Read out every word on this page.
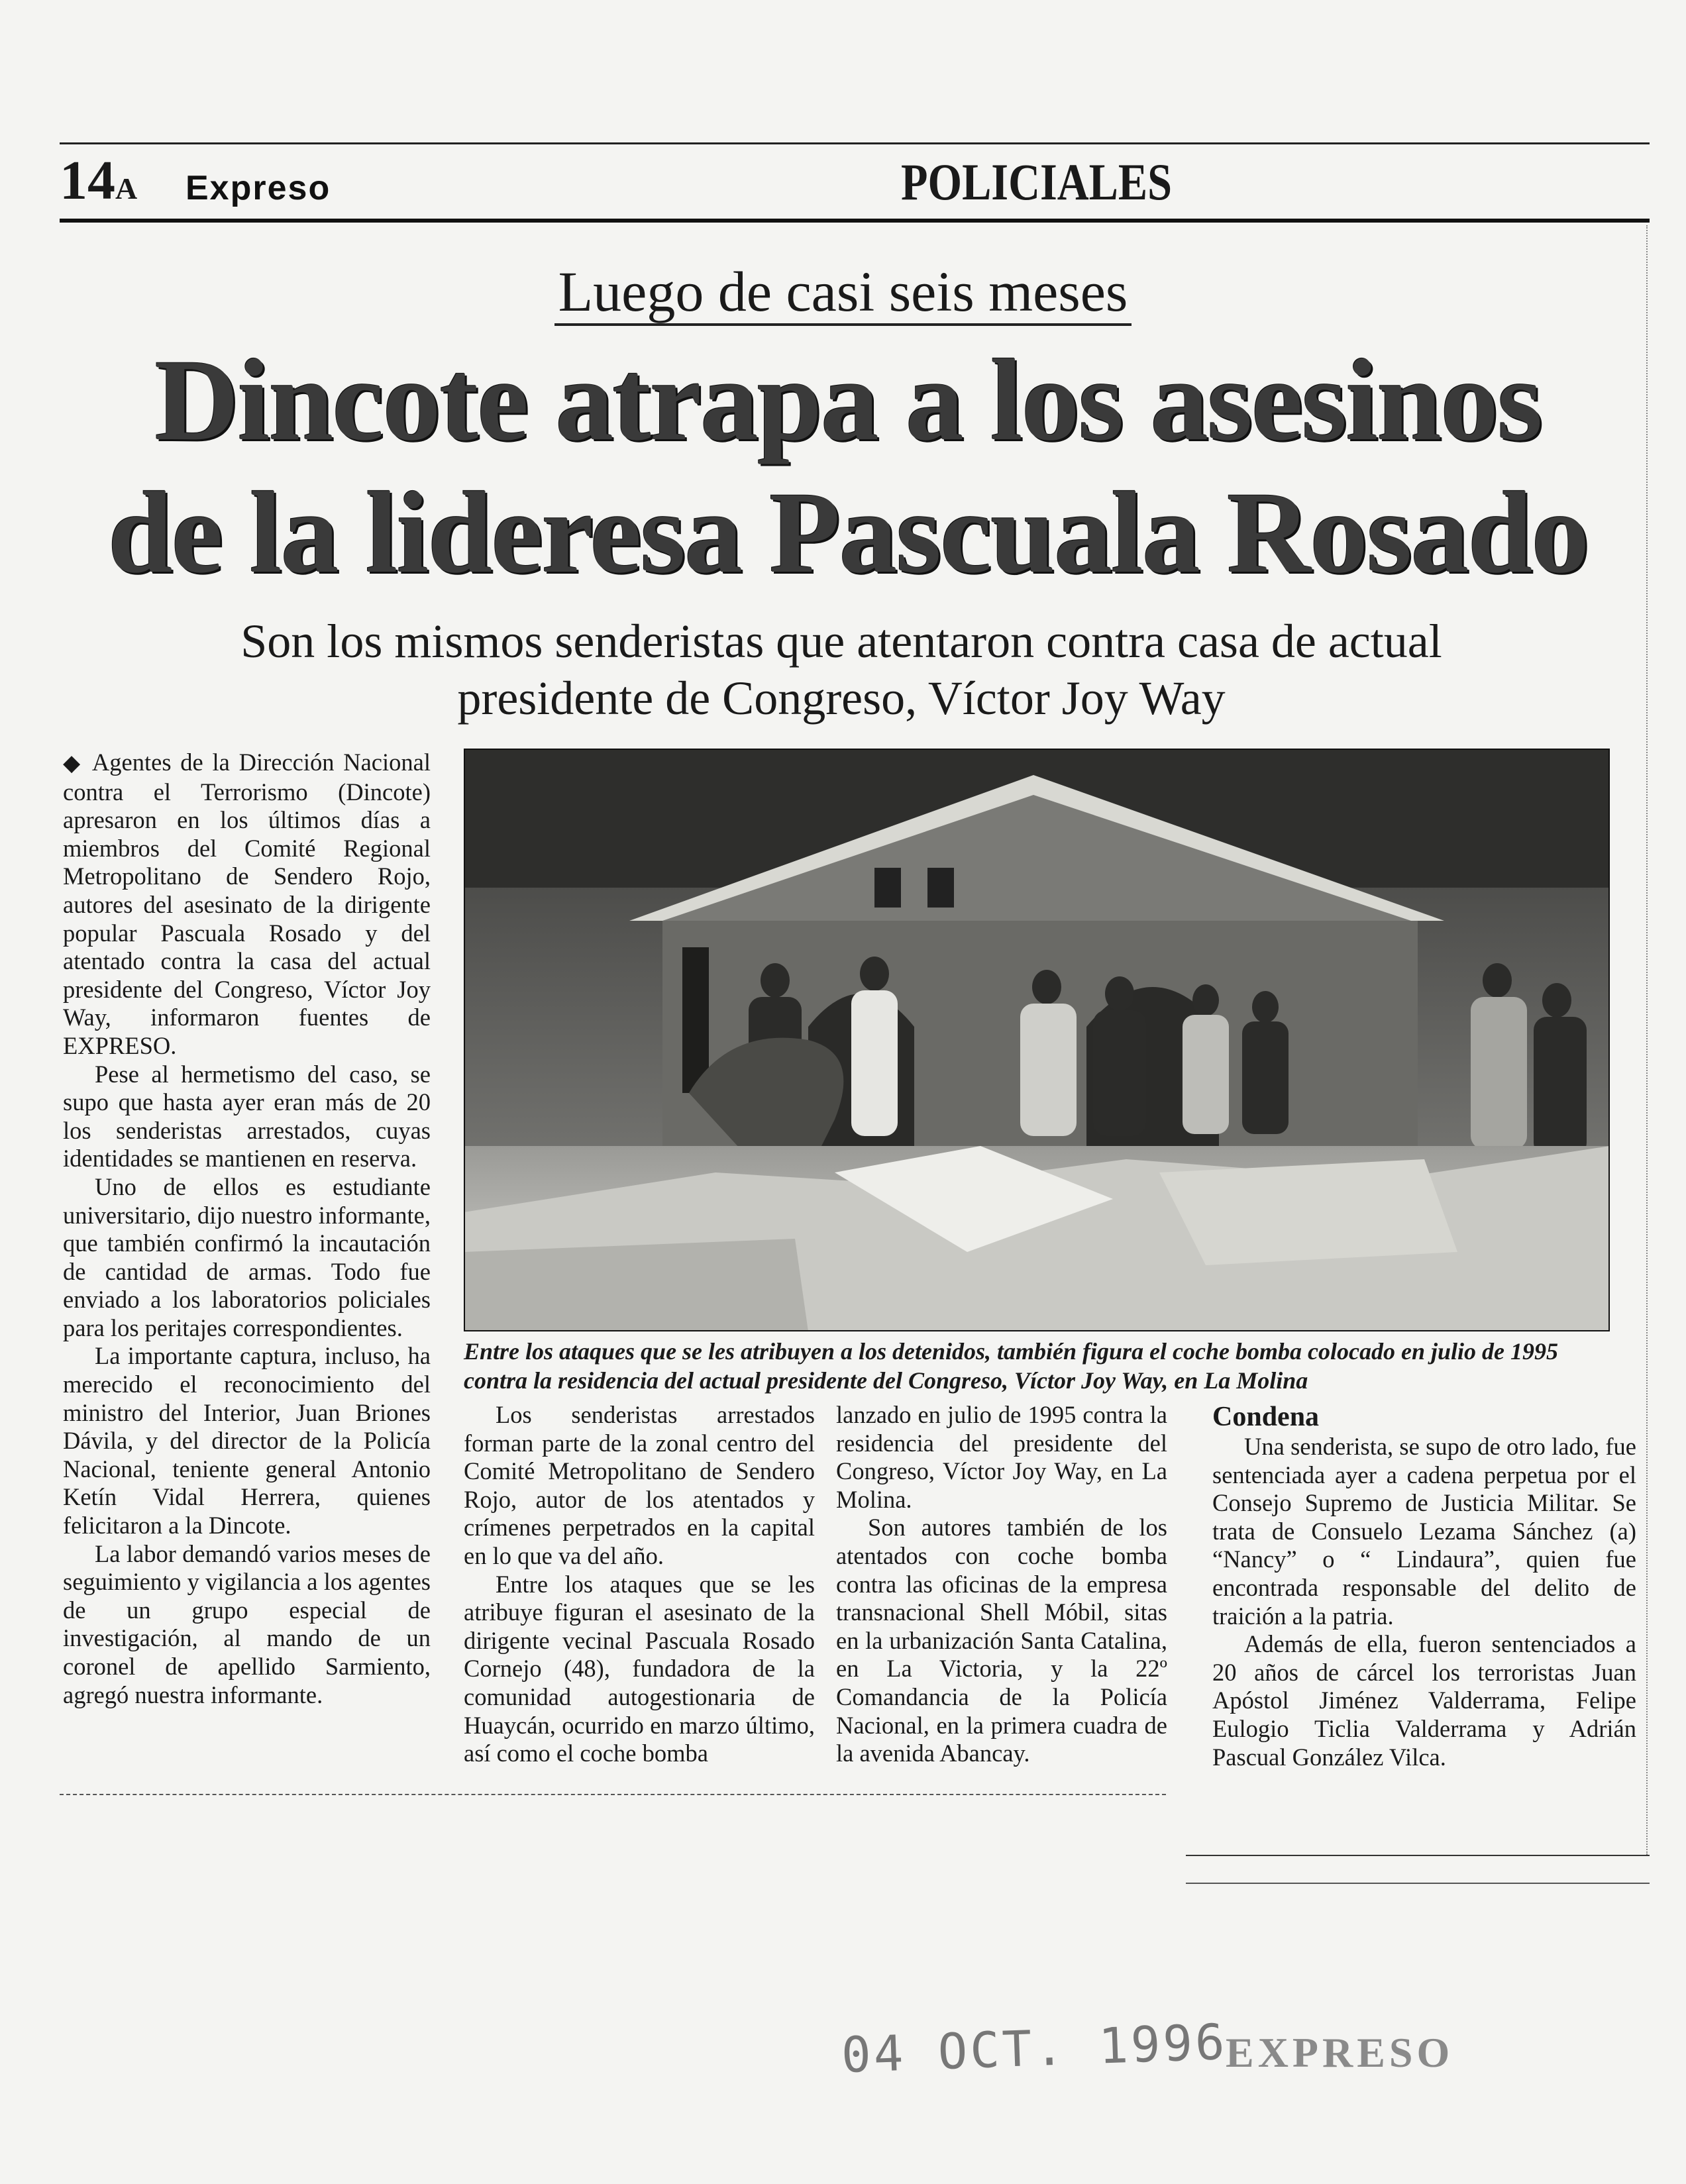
14A Expreso	POLICIALES
Luego de casi seis meses
Dincote atrapa a los asesinos
de la lideresa Pascuala Rosado
Son los mismos senderistas que atentaron contra casa de actual
presidente de Congreso, Víctor Joy Way

◆ Agentes de la Dirección Nacional contra el Terrorismo (Dincote) apresaron en los últimos días a miembros del Comité Regional Metropolitano de Sendero Rojo, autores del asesinato de la dirigente popular Pascuala Rosado y del atentado contra la casa del actual presidente del Congreso, Víctor Joy Way, informaron fuentes de EXPRESO.

Pese al hermetismo del caso, se supo que hasta ayer eran más de 20 los senderistas arrestados, cuyas identidades se mantienen en reserva.

Uno de ellos es estudiante universitario, dijo nuestro informante, que también confirmó la incautación de cantidad de armas. Todo fue enviado a los laboratorios policiales para los peritajes correspondientes.

La importante captura, incluso, ha merecido el reconocimiento del ministro del Interior, Juan Briones Dávila, y del director de la Policía Nacional, teniente general Antonio Ketín Vidal Herrera, quienes felicitaron a la Dincote.

La labor demandó varios meses de seguimiento y vigilancia a los agentes de un grupo especial de investigación, al mando de un coronel de apellido Sarmiento, agregó nuestra informante.

Entre los ataques que se les atribuyen a los detenidos, también figura el coche bomba colocado en julio de 1995 contra la residencia del actual presidente del Congreso, Víctor Joy Way, en La Molina

Los senderistas arrestados forman parte de la zonal centro del Comité Metropolitano de Sendero Rojo, autor de los atentados y crímenes perpetrados en la capital en lo que va del año.

Entre los ataques que se les atribuye figuran el asesinato de la dirigente vecinal Pascuala Rosado Cornejo (48), fundadora de la comunidad autogestionaria de Huaycán, ocurrido en marzo último, así como el coche bomba

lanzado en julio de 1995 contra la residencia del presidente del Congreso, Víctor Joy Way, en La Molina.

Son autores también de los atentados con coche bomba contra las oficinas de la empresa transnacional Shell Móbil, sitas en la urbanización Santa Catalina, en La Victoria, y la 22º Comandancia de la Policía Nacional, en la primera cuadra de la avenida Abancay.

Condena

Una senderista, se supo de otro lado, fue sentenciada ayer a cadena perpetua por el Consejo Supremo de Justicia Militar. Se trata de Consuelo Lezama Sánchez (a) “Nancy” o “ Lindaura”, quien fue encontrada responsable del delito de traición a la patria.

Además de ella, fueron sentenciados a 20 años de cárcel los terroristas Juan Apóstol Jiménez Valderrama, Felipe Eulogio Ticlia Valderrama y Adrián Pascual González Vilca.

04 OCT. 1996
EXPRESO
